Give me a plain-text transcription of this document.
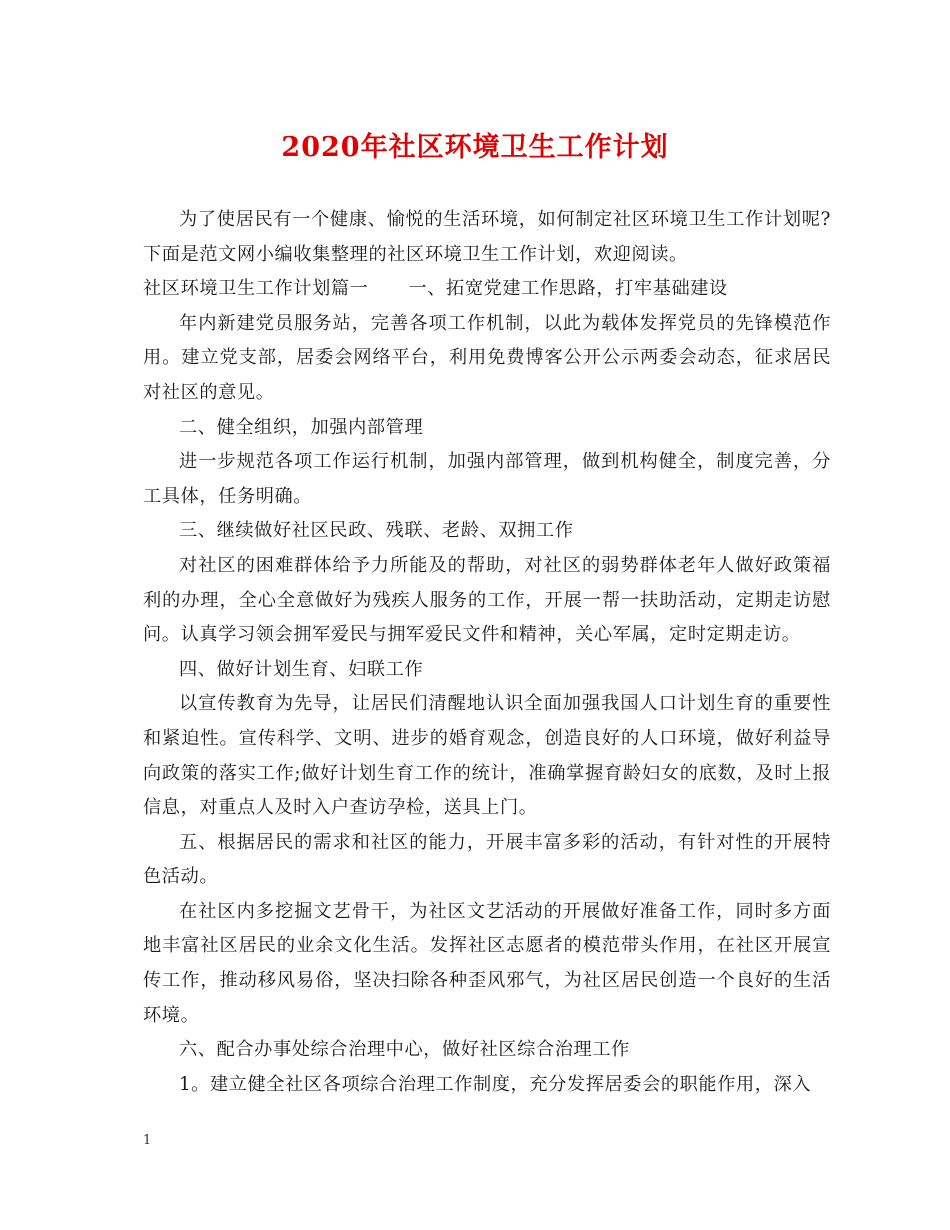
2020年社区环境卫生工作计划

为了使居民有一个健康、愉悦的生活环境，如何制定社区环境卫生工作计划呢?下面是范文网小编收集整理的社区环境卫生工作计划，欢迎阅读。

社区环境卫生工作计划篇一 一、拓宽党建工作思路，打牢基础建设

年内新建党员服务站，完善各项工作机制，以此为载体发挥党员的先锋模范作用。建立党支部，居委会网络平台，利用免费博客公开公示两委会动态，征求居民对社区的意见。

二、健全组织，加强内部管理

进一步规范各项工作运行机制，加强内部管理，做到机构健全，制度完善，分工具体，任务明确。

三、继续做好社区民政、残联、老龄、双拥工作

对社区的困难群体给予力所能及的帮助，对社区的弱势群体老年人做好政策福利的办理，全心全意做好为残疾人服务的工作，开展一帮一扶助活动，定期走访慰问。认真学习领会拥军爱民与拥军爱民文件和精神，关心军属，定时定期走访。

四、做好计划生育、妇联工作

以宣传教育为先导，让居民们清醒地认识全面加强我国人口计划生育的重要性和紧迫性。宣传科学、文明、进步的婚育观念，创造良好的人口环境，做好利益导向政策的落实工作;做好计划生育工作的统计，准确掌握育龄妇女的底数，及时上报信息，对重点人及时入户查访孕检，送具上门。

五、根据居民的需求和社区的能力，开展丰富多彩的活动，有针对性的开展特色活动。

在社区内多挖掘文艺骨干，为社区文艺活动的开展做好准备工作，同时多方面地丰富社区居民的业余文化生活。发挥社区志愿者的模范带头作用，在社区开展宣传工作，推动移风易俗，坚决扫除各种歪风邪气，为社区居民创造一个良好的生活环境。

六、配合办事处综合治理中心，做好社区综合治理工作

1。建立健全社区各项综合治理工作制度，充分发挥居委会的职能作用，深入

1
